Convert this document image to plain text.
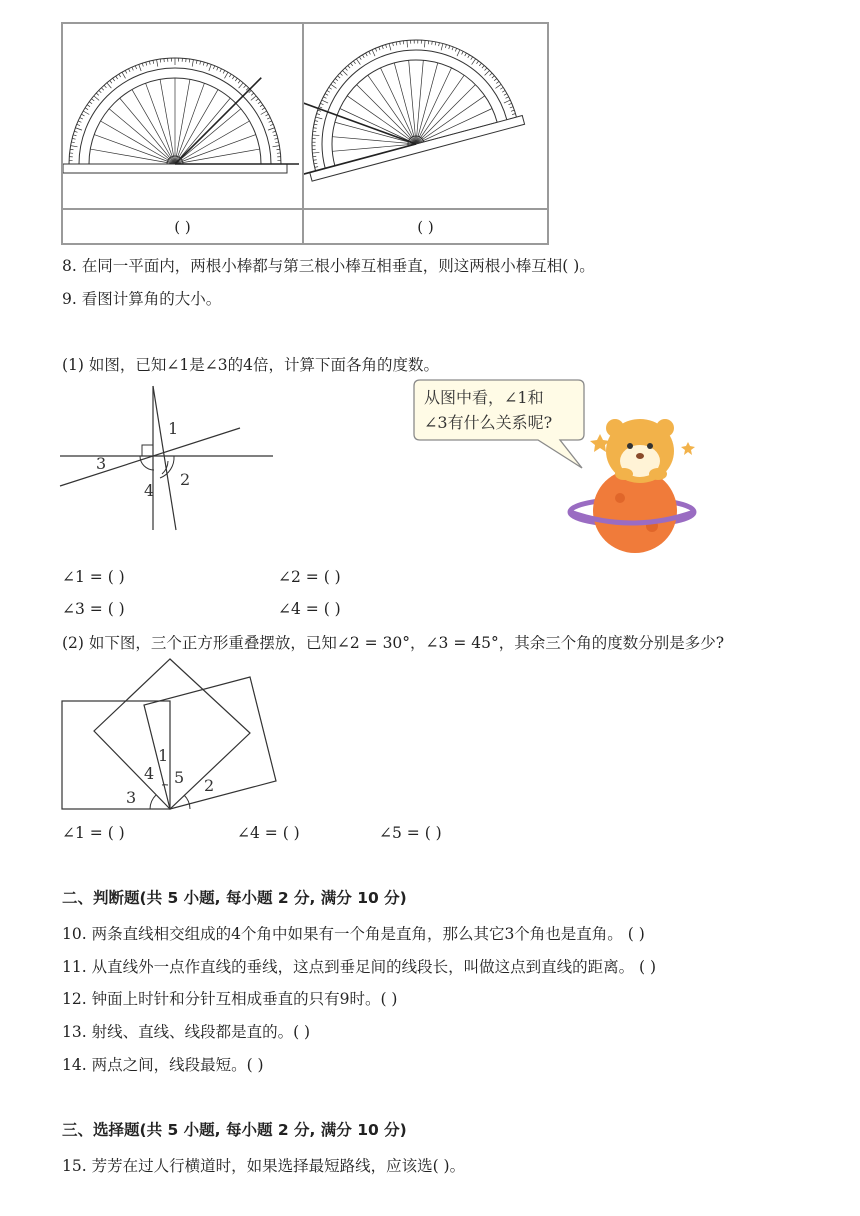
( )	( )
8. 在同一平面内，两根小棒都与第三根小棒互相垂直，则这两根小棒互相( )。
9. 看图计算角的大小。
(1) 如图，已知∠1是∠3的4倍，计算下面各角的度数。
1
2
3
4
从图中看，∠1和
∠3有什么关系呢?
∠1 = ( )	∠2 = ( )
∠3 = ( )	∠4 = ( )
(2) 如下图，三个正方形重叠摆放，已知∠2 = 30°，∠3 = 45°，其余三个角的度数分别是多少?
1
2
3
4 5
∠1 = ( )	∠4 = ( )	∠5 = ( )
二、判断题(共 5 小题, 每小题 2 分, 满分 10 分)
10. 两条直线相交组成的4个角中如果有一个角是直角，那么其它3个角也是直角。 ( )
11. 从直线外一点作直线的垂线，这点到垂足间的线段长，叫做这点到直线的距离。 ( )
12. 钟面上时针和分针互相成垂直的只有9时。( )
13. 射线、直线、线段都是直的。( )
14. 两点之间，线段最短。( )
三、选择题(共 5 小题, 每小题 2 分, 满分 10 分)
15. 芳芳在过人行横道时，如果选择最短路线，应该选( )。
